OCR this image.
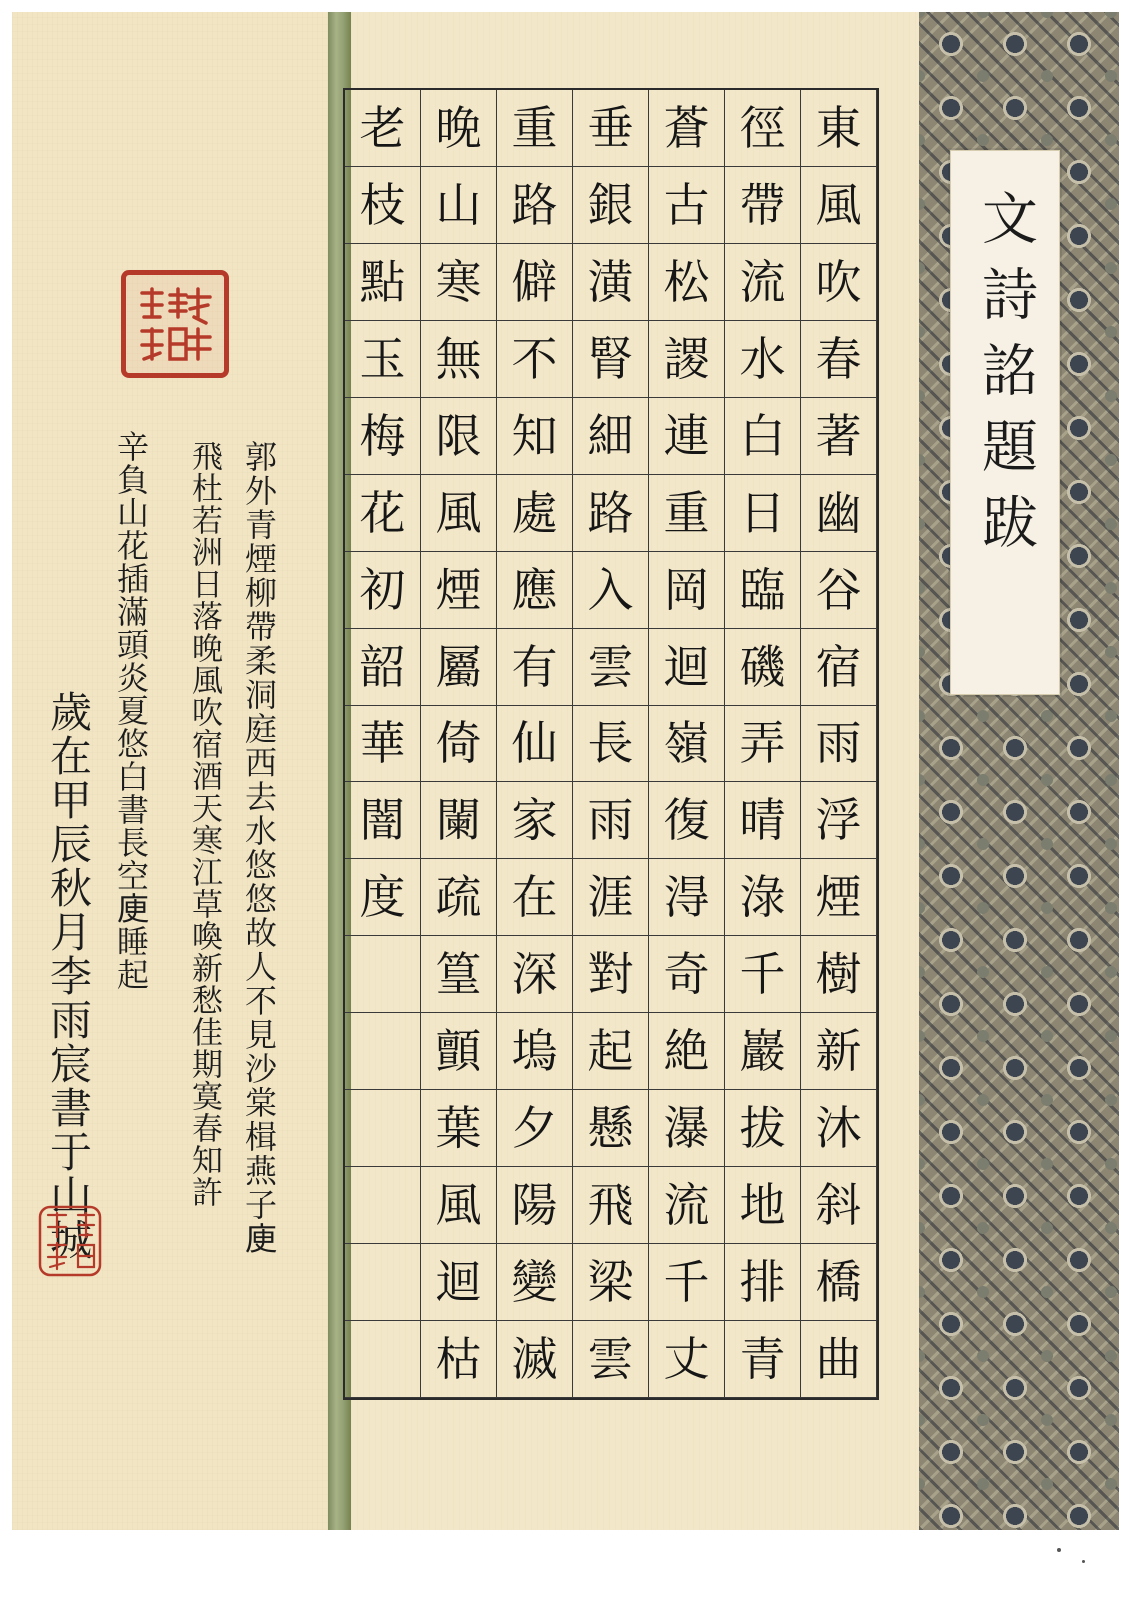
文詩詺題跋
東
風
吹
春
著
幽
谷
宿
雨
浮
煙
樹
新
沐
斜
橋
曲
徑
帶
流
水
白
日
臨
磯
弄
晴
淥
千
巖
拔
地
排
青
蒼
古
松
謖
連
重
岡
迴
嶺
復
淂
奇
絶
瀑
流
千
丈
垂
銀
潢
腎
細
路
入
雲
長
雨
涯
對
起
懸
飛
梁
雲
重
路
僻
不
知
處
應
有
仙
家
在
深
塢
夕
陽
變
滅
晚
山
寒
無
限
風
煙
屬
倚
闌
疏
篁
顫
葉
風
迴
枯
老
枝
點
玉
梅
花
初
韶
華
闇
度
郭外青煙柳帶柔洞庭西去水悠悠故人不見沙棠楫燕子𢈔
飛杜若洲日落晚風吹宿酒天寒江草喚新愁佳期寞春知許
辛負山花插滿頭炎夏悠白書長空𢈔睡起
歲在甲辰秋月李雨宸書于山城
